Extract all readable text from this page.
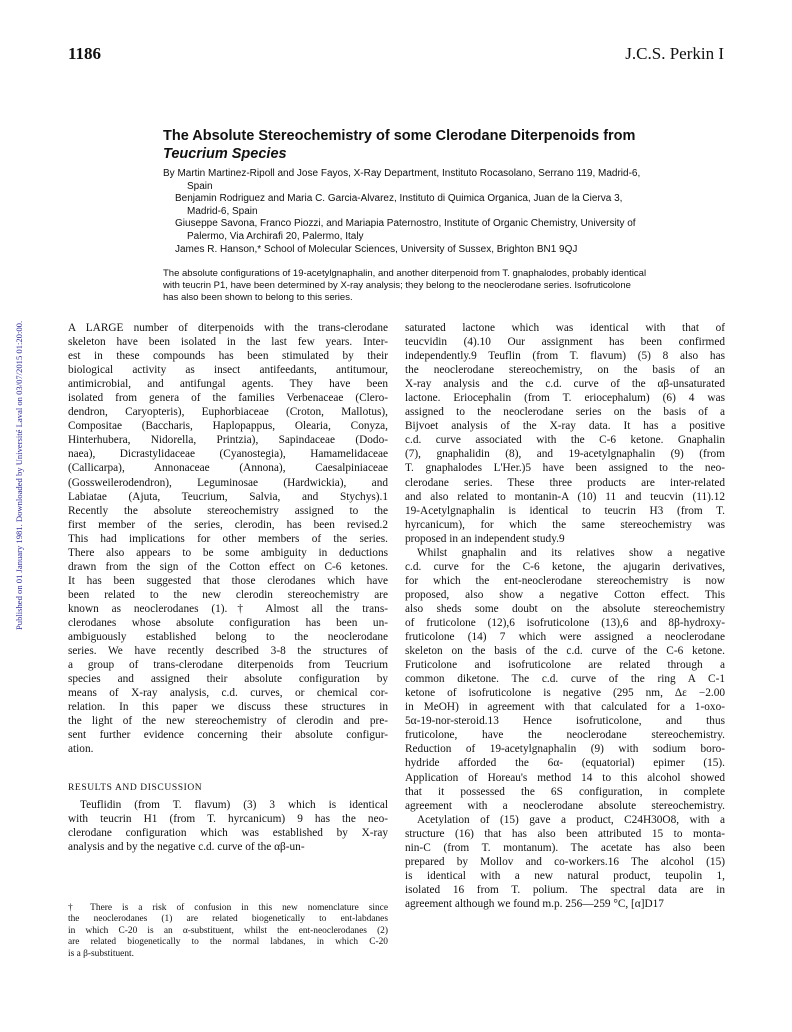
1186	J.C.S. Perkin I
Published on 01 January 1981. Downloaded by Université Laval on 03/07/2015 01:20:00.
The Absolute Stereochemistry of some Clerodane Diterpenoids from
Teucrium Species
By Martin Martinez-Ripoll and Jose Fayos, X-Ray Department, Instituto Rocasolano, Serrano 119, Madrid-6,
Spain
Benjamin Rodriguez and Maria C. Garcia-Alvarez, Instituto di Quimica Organica, Juan de la Cierva 3,
Madrid-6, Spain
Giuseppe Savona, Franco Piozzi, and Mariapia Paternostro, Institute of Organic Chemistry, University of
Palermo, Via Archirafi 20, Palermo, Italy
James R. Hanson,* School of Molecular Sciences, University of Sussex, Brighton BN1 9QJ
The absolute configurations of 19-acetylgnaphalin, and another diterpenoid from T. gnaphalodes, probably identical
with teucrin P1, have been determined by X-ray analysis; they belong to the neoclerodane series. Isofruticolone
has also been shown to belong to this series.
A LARGE number of diterpenoids with the trans-clerodane
skeleton have been isolated in the last few years. Inter-
est in these compounds has been stimulated by their
biological activity as insect antifeedants, antitumour,
antimicrobial, and antifungal agents. They have been
isolated from genera of the families Verbenaceae (Clero-
dendron, Caryopteris), Euphorbiaceae (Croton, Mallotus),
Compositae (Baccharis, Haplopappus, Olearia, Conyza,
Hinterhubera, Nidorella, Printzia), Sapindaceae (Dodo-
naea), Dicrastylidaceae (Cyanostegia), Hamamelidaceae
(Callicarpa), Annonaceae (Annona), Caesalpiniaceae
(Gossweilerodendron), Leguminosae (Hardwickia), and
Labiatae (Ajuta, Teucrium, Salvia, and Stychys).1
Recently the absolute stereochemistry assigned to the
first member of the series, clerodin, has been revised.2
This had implications for other members of the series.
There also appears to be some ambiguity in deductions
drawn from the sign of the Cotton effect on C-6 ketones.
It has been suggested that those clerodanes which have
been related to the new clerodin stereochemistry are
known as neoclerodanes (1).† Almost all the trans-
clerodanes whose absolute configuration has been un-
ambiguously established belong to the neoclerodane
series. We have recently described 3-8 the structures of
a group of trans-clerodane diterpenoids from Teucrium
species and assigned their absolute configuration by
means of X-ray analysis, c.d. curves, or chemical cor-
relation. In this paper we discuss these structures in
the light of the new stereochemistry of clerodin and pre-
sent further evidence concerning their absolute configur-
ation.
RESULTS AND DISCUSSION
Teuflidin (from T. flavum) (3) 3 which is identical
with teucrin H1 (from T. hyrcanicum) 9 has the neo-
clerodane configuration which was established by X-ray
analysis and by the negative c.d. curve of the αβ-un-
† There is a risk of confusion in this new nomenclature since
the neoclerodanes (1) are related biogenetically to ent-labdanes
in which C-20 is an α-substituent, whilst the ent-neoclerodanes (2)
are related biogenetically to the normal labdanes, in which C-20
is a β-substituent.
saturated lactone which was identical with that of
teucvidin (4).10 Our assignment has been confirmed
independently.9 Teuflin (from T. flavum) (5) 8 also has
the neoclerodane stereochemistry, on the basis of an
X-ray analysis and the c.d. curve of the αβ-unsaturated
lactone. Eriocephalin (from T. eriocephalum) (6) 4 was
assigned to the neoclerodane series on the basis of a
Bijvoet analysis of the X-ray data. It has a positive
c.d. curve associated with the C-6 ketone. Gnaphalin
(7), gnaphalidin (8), and 19-acetylgnaphalin (9) (from
T. gnaphalodes L'Her.)5 have been assigned to the neo-
clerodane series. These three products are inter-related
and also related to montanin-A (10) 11 and teucvin (11).12
19-Acetylgnaphalin is identical to teucrin H3 (from T.
hyrcanicum), for which the same stereochemistry was
proposed in an independent study.9
Whilst gnaphalin and its relatives show a negative
c.d. curve for the C-6 ketone, the ajugarin derivatives,
for which the ent-neoclerodane stereochemistry is now
proposed, also show a negative Cotton effect. This
also sheds some doubt on the absolute stereochemistry
of fruticolone (12),6 isofruticolone (13),6 and 8β-hydroxy-
fruticolone (14) 7 which were assigned a neoclerodane
skeleton on the basis of the c.d. curve of the C-6 ketone.
Fruticolone and isofruticolone are related through a
common diketone. The c.d. curve of the ring A C-1
ketone of isofruticolone is negative (295 nm, Δε −2.00
in MeOH) in agreement with that calculated for a 1-oxo-
5α-19-nor-steroid.13 Hence isofruticolone, and thus
fruticolone, have the neoclerodane stereochemistry.
Reduction of 19-acetylgnaphalin (9) with sodium boro-
hydride afforded the 6α- (equatorial) epimer (15).
Application of Horeau's method 14 to this alcohol showed
that it possessed the 6S configuration, in complete
agreement with a neoclerodane absolute stereochemistry.
Acetylation of (15) gave a product, C24H30O8, with a
structure (16) that has also been attributed 15 to monta-
nin-C (from T. montanum). The acetate has also been
prepared by Mollov and co-workers.16 The alcohol (15)
is identical with a new natural product, teupolin 1,
isolated 16 from T. polium. The spectral data are in
agreement although we found m.p. 256—259 °C, [α]D17
